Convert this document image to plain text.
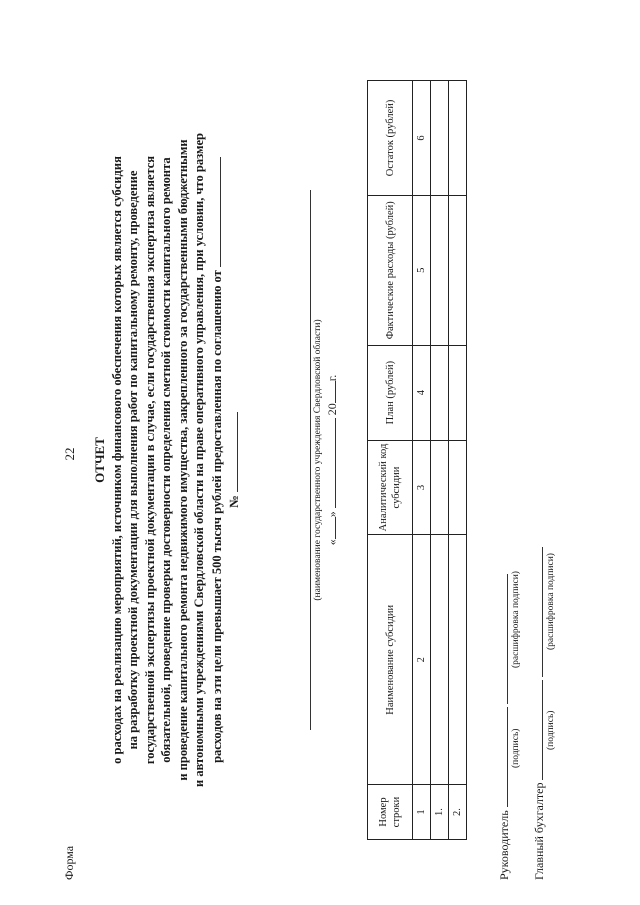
22
Форма

ОТЧЕТ о расходах на реализацию мероприятий, источником финансового обеспечения которых является субсидия на разработку проектной документации для выполнения работ по капитальному ремонту, проведение государственной экспертизы проектной документации в случае, если государственная экспертиза является обязательной, проведение проверки достоверности определения сметной стоимости капитального ремонта и проведение капитального ремонта недвижимого имущества, закрепленного за государственными бюджетными и автономными учреждениями Свердловской области на праве оперативного управления, при условии, что размер расходов на эти цели превышает 500 тысяч рублей предоставленная по соглашению от №	(наименование государственного учреждения Свердловской области) «»  20г.
Номер строки	Наименование субсидии	Аналитический код субсидии	План (рублей)	Фактические расходы (рублей)	Остаток (рублей)
1	2	3	4	5	6
1.					
2.						Руководитель
(подпись)
(расшифровка подписи)
Главный бухгалтер
(подпись)
(расшифровка подписи)
